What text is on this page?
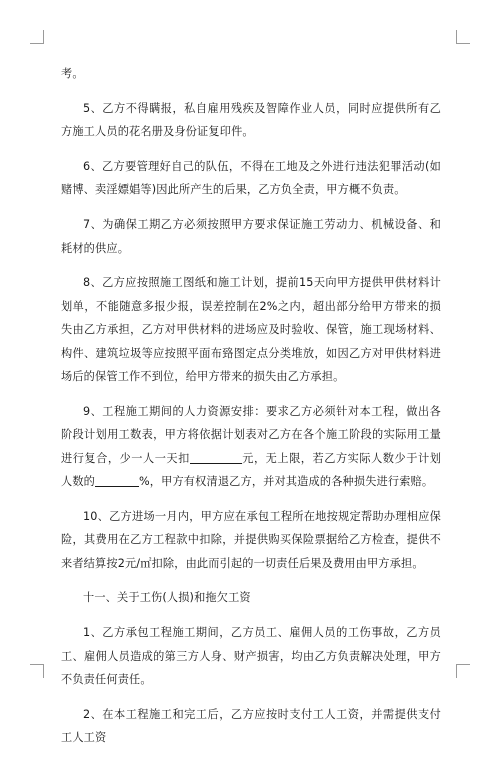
考。

5、乙方不得瞒报，私自雇用残疾及智障作业人员，同时应提供所有乙方施工人员的花名册及身份证复印件。

6、乙方要管理好自己的队伍，不得在工地及之外进行违法犯罪活动(如赌博、卖淫嫖娼等)因此所产生的后果，乙方负全责，甲方概不负责。

7、为确保工期乙方必须按照甲方要求保证施工劳动力、机械设备、和耗材的供应。

8、乙方应按照施工图纸和施工计划，提前15天向甲方提供甲供材料计划单，不能随意多报少报，误差控制在2%之内，超出部分给甲方带来的损失由乙方承担，乙方对甲供材料的进场应及时验收、保管，施工现场材料、构件、建筑垃圾等应按照平面布臵图定点分类堆放，如因乙方对甲供材料进场后的保管工作不到位，给甲方带来的损失由乙方承担。

9、工程施工期间的人力资源安排：要求乙方必须针对本工程，做出各阶段计划用工数表，甲方将依据计划表对乙方在各个施工阶段的实际用工量进行复合，少一人一天扣	元，无上限，若乙方实际人数少于计划人数的	%，甲方有权清退乙方，并对其造成的各种损失进行索赔。

10、乙方进场一月内，甲方应在承包工程所在地按规定帮助办理相应保险，其费用在乙方工程款中扣除，并提供购买保险票据给乙方检查，提供不来者结算按2元/㎡扣除，由此而引起的一切责任后果及费用由甲方承担。

十一、关于工伤(人损)和拖欠工资

1、乙方承包工程施工期间，乙方员工、雇佣人员的工伤事故，乙方员工、雇佣人员造成的第三方人身、财产损害，均由乙方负责解决处理，甲方不负责任何责任。

2、在本工程施工和完工后，乙方应按时支付工人工资，并需提供支付工人工资
